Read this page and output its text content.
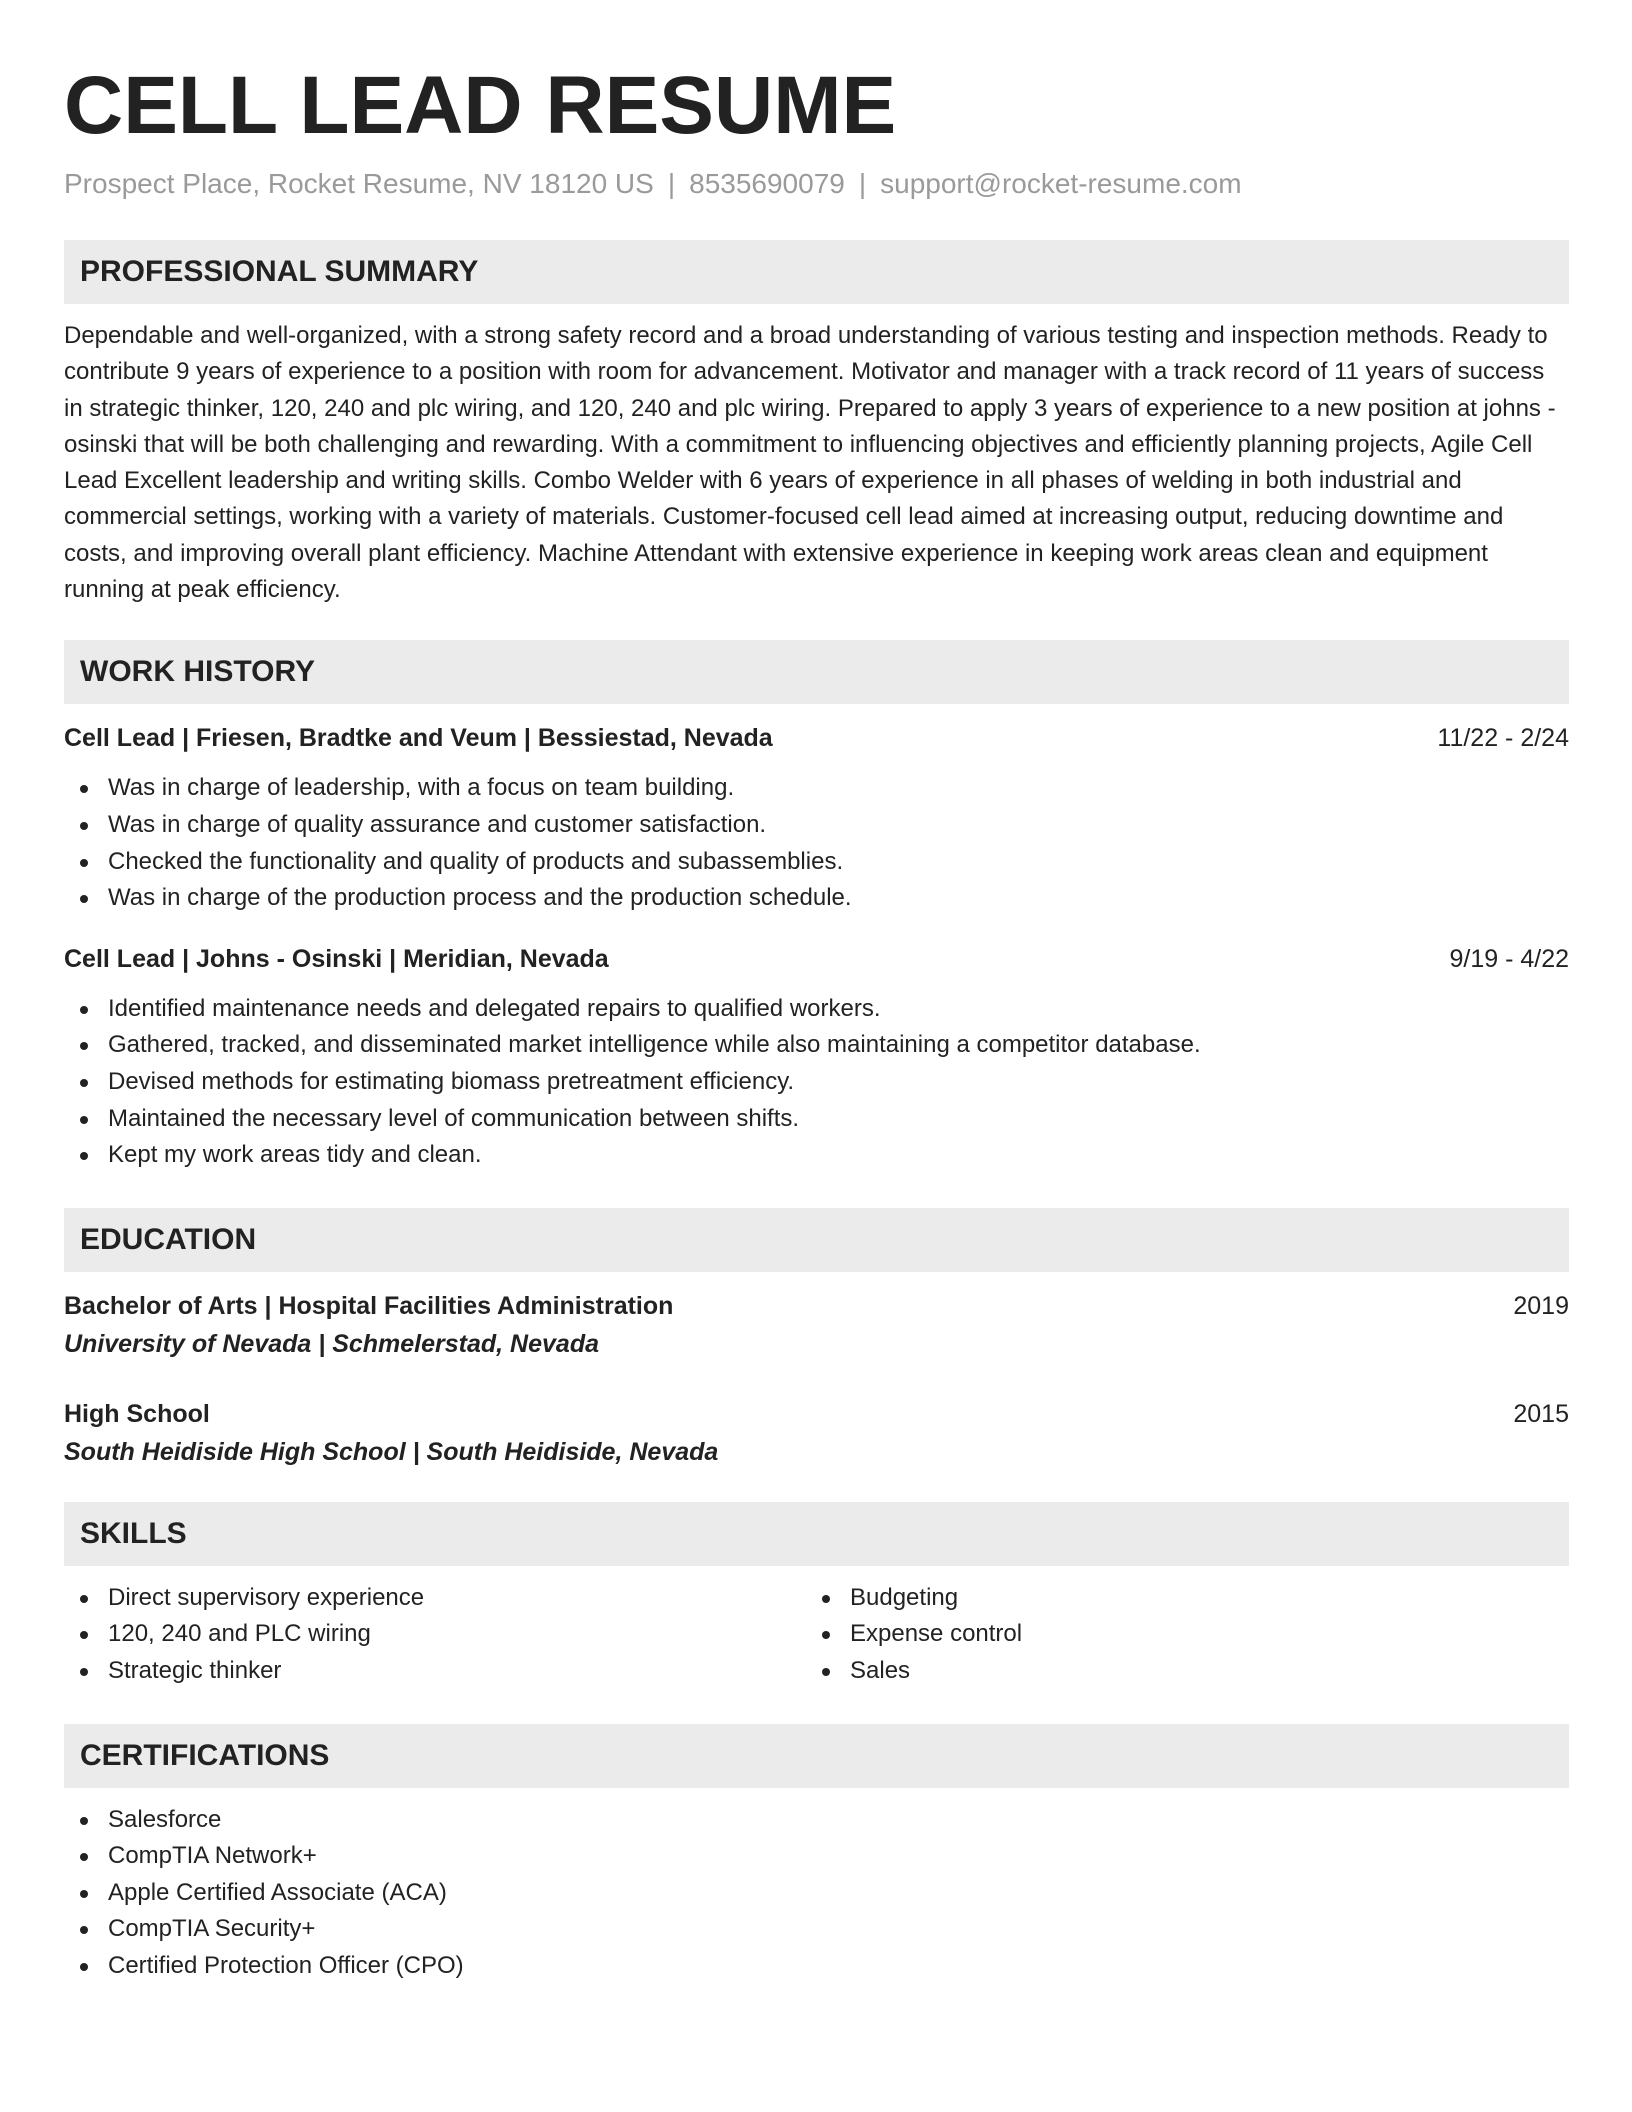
CELL LEAD RESUME
Prospect Place, Rocket Resume, NV 18120 US | 8535690079 | support@rocket-resume.com
PROFESSIONAL SUMMARY

Dependable and well-organized, with a strong safety record and a broad understanding of various testing and inspection methods. Ready to contribute 9 years of experience to a position with room for advancement. Motivator and manager with a track record of 11 years of success in strategic thinker, 120, 240 and plc wiring, and 120, 240 and plc wiring. Prepared to apply 3 years of experience to a new position at johns - osinski that will be both challenging and rewarding. With a commitment to influencing objectives and efficiently planning projects, Agile Cell Lead Excellent leadership and writing skills. Combo Welder with 6 years of experience in all phases of welding in both industrial and commercial settings, working with a variety of materials. Customer-focused cell lead aimed at increasing output, reducing downtime and costs, and improving overall plant efficiency. Machine Attendant with extensive experience in keeping work areas clean and equipment running at peak efficiency.

WORK HISTORY
Cell Lead | Friesen, Bradtke and Veum | Bessiestad, Nevada	11/22 - 2/24
Was in charge of leadership, with a focus on team building.
Was in charge of quality assurance and customer satisfaction.
Checked the functionality and quality of products and subassemblies.
Was in charge of the production process and the production schedule.
Cell Lead | Johns - Osinski | Meridian, Nevada	9/19 - 4/22
Identified maintenance needs and delegated repairs to qualified workers.
Gathered, tracked, and disseminated market intelligence while also maintaining a competitor database.
Devised methods for estimating biomass pretreatment efficiency.
Maintained the necessary level of communication between shifts.
Kept my work areas tidy and clean.
EDUCATION
Bachelor of Arts | Hospital Facilities Administration	2019
University of Nevada | Schmelerstad, Nevada
High School	2015
South Heidiside High School | South Heidiside, Nevada
SKILLS
Direct supervisory experience
120, 240 and PLC wiring
Strategic thinker
Budgeting
Expense control
Sales
CERTIFICATIONS
Salesforce
CompTIA Network+
Apple Certified Associate (ACA)
CompTIA Security+
Certified Protection Officer (CPO)
